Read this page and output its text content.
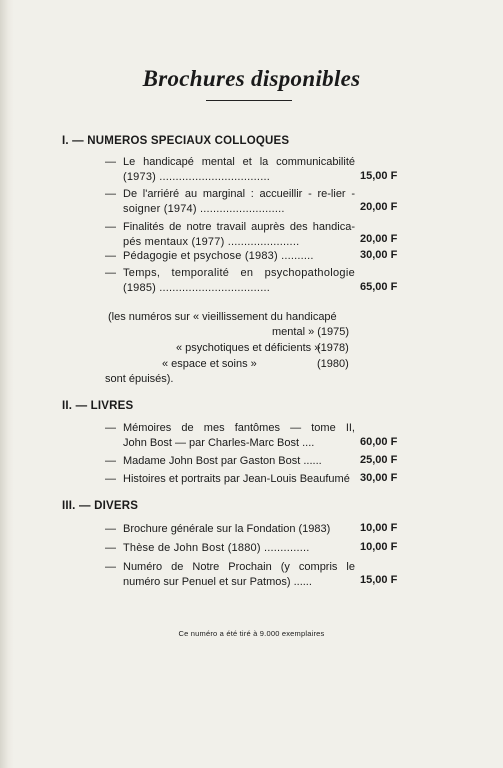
Brochures disponibles
I. — NUMEROS SPECIAUX COLLOQUES
— Le handicapé mental et la communicabilité
(1973) ..................................	15,00 F
— De l'arriéré au marginal : accueillir - re-lier -
soigner (1974) ..........................	20,00 F
— Finalités de notre travail auprès des handica-
pés mentaux (1977) ......................	20,00 F
— Pédagogie et psychose (1983) ..........	30,00 F
— Temps, temporalité en psychopathologie
(1985) ..................................	65,00 F
(les numéros sur « vieillissement du handicapé
mental » (1975)
« psychotiques et déficients »
(1978)
« espace et soins »	(1980)
sont épuisés).
II. — LIVRES
— Mémoires de mes fantômes — tome II,
John Bost — par Charles-Marc Bost ....	60,00 F
— Madame John Bost par Gaston Bost ......	25,00 F
— Histoires et portraits par Jean-Louis Beaufumé 30,00 F
III. — DIVERS
— Brochure générale sur la Fondation (1983)	10,00 F
— Thèse de John Bost (1880) ..............	10,00 F
— Numéro de Notre Prochain (y compris le
numéro sur Penuel et sur Patmos) ......	15,00 F
Ce numéro a été tiré à 9.000 exemplaires
